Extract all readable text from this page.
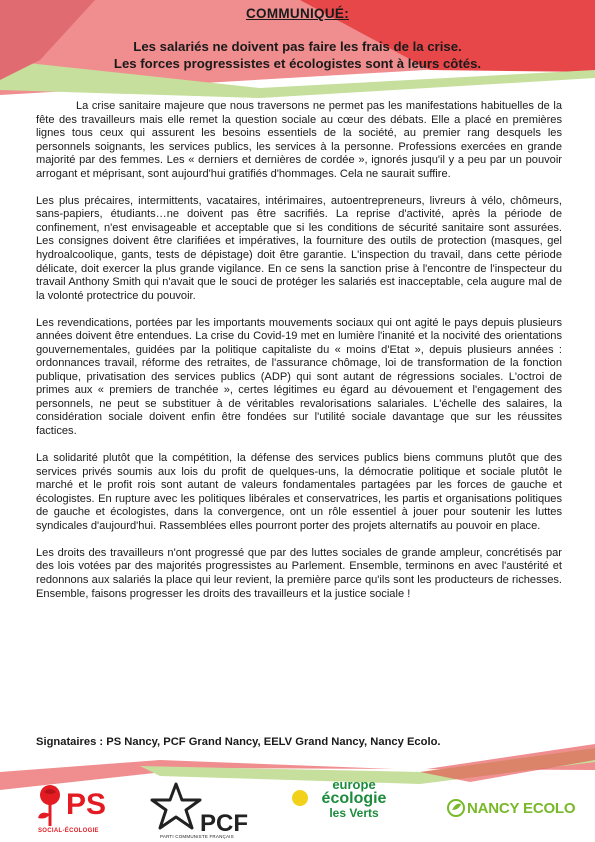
COMMUNIQUÉ:
Les salariés ne doivent pas faire les frais de la crise.
Les forces progressistes et écologistes sont à leurs côtés.

La crise sanitaire majeure que nous traversons ne permet pas les manifestations habituelles de la fête des travailleurs mais elle remet la question sociale au cœur des débats. Elle a placé en premières lignes tous ceux qui assurent les besoins essentiels de la société, au premier rang desquels les personnels soignants, les services publics, les services à la personne. Professions exercées en grande majorité par des femmes. Les « derniers et dernières de cordée », ignorés jusqu'il y a peu par un pouvoir arrogant et méprisant, sont aujourd'hui gratifiés d'hommages. Cela ne saurait suffire.

Les plus précaires, intermittents, vacataires, intérimaires, autoentrepreneurs, livreurs à vélo, chômeurs, sans-papiers, étudiants…ne doivent pas être sacrifiés. La reprise d'activité, après la période de confinement, n'est envisageable et acceptable que si les conditions de sécurité sanitaire sont assurées. Les consignes doivent être clarifiées et impératives, la fourniture des outils de protection (masques, gel hydroalcoolique, gants, tests de dépistage) doit être garantie. L'inspection du travail, dans cette période délicate, doit exercer la plus grande vigilance. En ce sens la sanction prise à l'encontre de l'inspecteur du travail Anthony Smith qui n'avait que le souci de protéger les salariés est inacceptable, cela augure mal de la volonté protectrice du pouvoir.

Les revendications, portées par les importants mouvements sociaux qui ont agité le pays depuis plusieurs années doivent être entendues. La crise du Covid-19 met en lumière l'inanité et la nocivité des orientations gouvernementales, guidées par la politique capitaliste du « moins d'Etat », depuis plusieurs années : ordonnances travail, réforme des retraites, de l'assurance chômage, loi de transformation de la fonction publique, privatisation des services publics (ADP) qui sont autant de régressions sociales. L'octroi de primes aux « premiers de tranchée », certes légitimes eu égard au dévouement et l'engagement des personnels, ne peut se substituer à de véritables revalorisations salariales. L'échelle des salaires, la considération sociale doivent enfin être fondées sur l'utilité sociale davantage que sur les réussites factices.

La solidarité plutôt que la compétition, la défense des services publics biens communs plutôt que des services privés soumis aux lois du profit de quelques-uns, la démocratie politique et sociale plutôt le marché et le profit rois sont autant de valeurs fondamentales partagées par les forces de gauche et écologistes. En rupture avec les politiques libérales et conservatrices, les partis et organisations politiques de gauche et écologistes, dans la convergence, ont un rôle essentiel à jouer pour soutenir les luttes syndicales d'aujourd'hui. Rassemblées elles pourront porter des projets alternatifs au pouvoir en place.

Les droits des travailleurs n'ont progressé que par des luttes sociales de grande ampleur, concrétisés par des lois votées par des majorités progressistes au Parlement. Ensemble, terminons en avec l'austérité et redonnons aux salariés la place qui leur revient, la première parce qu'ils sont les producteurs de richesses. Ensemble, faisons progresser les droits des travailleurs et la justice sociale !

Signataires : PS Nancy, PCF Grand Nancy, EELV Grand Nancy, Nancy Ecolo.
PS
SOCIAL-ÉCOLOGIE	PCF
PARTI COMMUNISTE FRANÇAIS
europe
écologie
les Verts	NANCY ECOLO
